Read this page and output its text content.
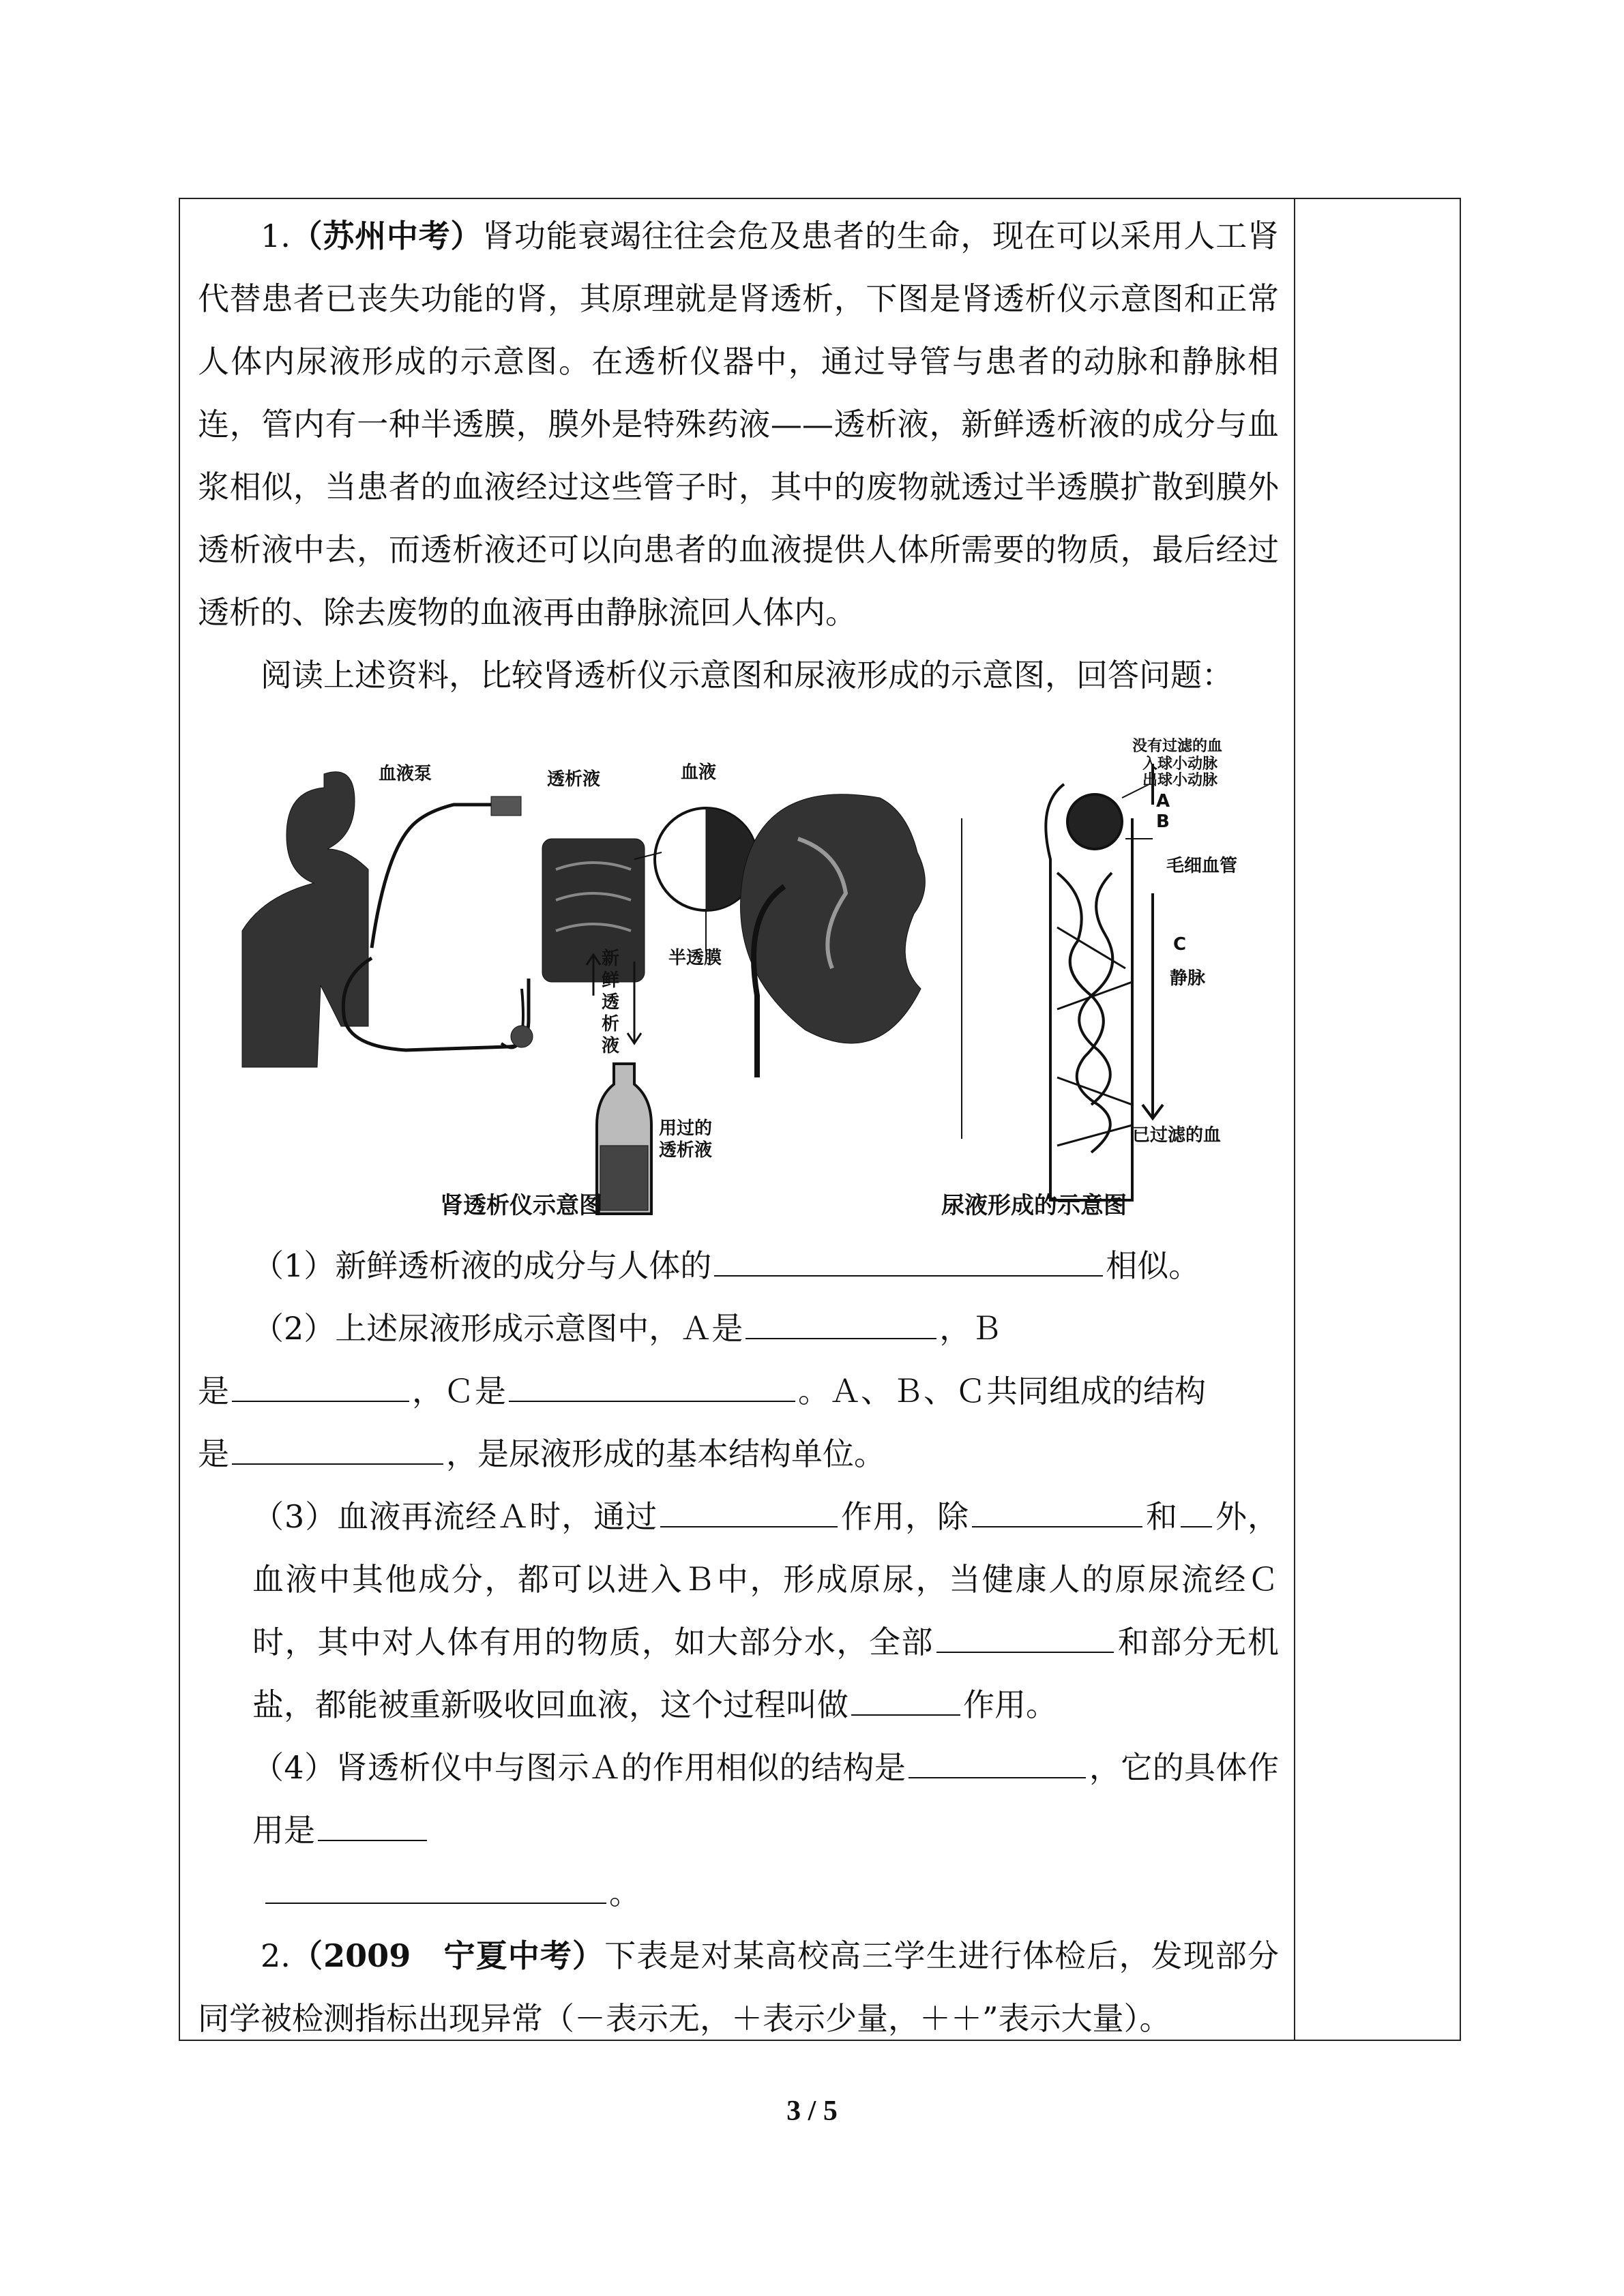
1.（苏州中考）肾功能衰竭往往会危及患者的生命，现在可以采用人工肾代替患者已丧失功能的肾，其原理就是肾透析，下图是肾透析仪示意图和正常人体内尿液形成的示意图。在透析仪器中，通过导管与患者的动脉和静脉相连，管内有一种半透膜，膜外是特殊药液——透析液，新鲜透析液的成分与血浆相似，当患者的血液经过这些管子时，其中的废物就透过半透膜扩散到膜外透析液中去，而透析液还可以向患者的血液提供人体所需要的物质，最后经过透析的、除去废物的血液再由静脉流回人体内。

阅读上述资料，比较肾透析仪示意图和尿液形成的示意图，回答问题：

血液泵	透析液	血液
半透膜
新鲜透析液
用过的
透析液
肾透析仪示意图
没有过滤的血
入球小动脉
出球小动脉
A
B
毛细血管
C
静脉
已过滤的血
尿液形成的示意图

（1）新鲜透析液的成分与人体的	相似。

（2）上述尿液形成示意图中，Ａ是	，Ｂ

是	，Ｃ是	。Ａ、Ｂ、Ｃ共同组成的结构

是	，是尿液形成的基本结构单位。

（3）血液再流经Ａ时，通过	作用，除	和 外，血液中其他成分，都可以进入Ｂ中，形成原尿，当健康人的原尿流经Ｃ时，其中对人体有用的物质，如大部分水，全部	和部分无机盐，都能被重新吸收回血液，这个过程叫做	作用。

（4）肾透析仪中与图示Ａ的作用相似的结构是	，它的具体作用是

。

2.（2009　宁夏中考）下表是对某高校高三学生进行体检后，发现部分同学被检测指标出现异常（－表示无，＋表示少量，＋＋”表示大量）。

3 / 5
